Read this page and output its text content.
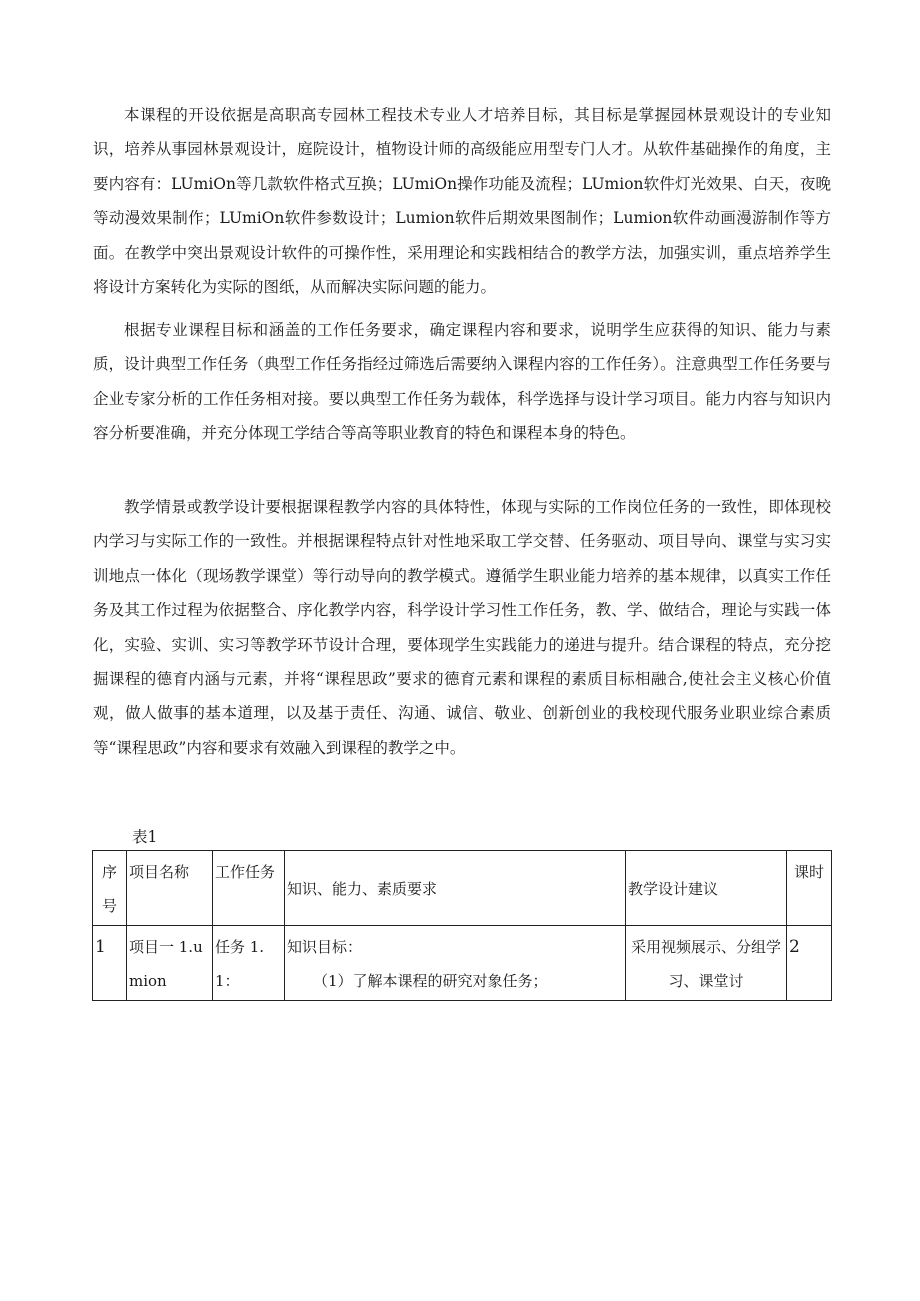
本课程的开设依据是高职高专园林工程技术专业人才培养目标，其目标是掌握园林景观设计的专业知识，培养从事园林景观设计，庭院设计，植物设计师的高级能应用型专门人才。从软件基础操作的角度，主要内容有：LUmiOn等几款软件格式互换；LUmiOn操作功能及流程；LUmion软件灯光效果、白天，夜晚等动漫效果制作；LUmiOn软件参数设计；Lumion软件后期效果图制作；Lumion软件动画漫游制作等方面。在教学中突出景观设计软件的可操作性，采用理论和实践相结合的教学方法，加强实训，重点培养学生将设计方案转化为实际的图纸，从而解决实际问题的能力。

根据专业课程目标和涵盖的工作任务要求，确定课程内容和要求，说明学生应获得的知识、能力与素质，设计典型工作任务（典型工作任务指经过筛选后需要纳入课程内容的工作任务）。注意典型工作任务要与企业专家分析的工作任务相对接。要以典型工作任务为载体，科学选择与设计学习项目。能力内容与知识内容分析要准确，并充分体现工学结合等高等职业教育的特色和课程本身的特色。

教学情景或教学设计要根据课程教学内容的具体特性，体现与实际的工作岗位任务的一致性，即体现校内学习与实际工作的一致性。并根据课程特点针对性地采取工学交替、任务驱动、项目导向、课堂与实习实训地点一体化（现场教学课堂）等行动导向的教学模式。遵循学生职业能力培养的基本规律，以真实工作任务及其工作过程为依据整合、序化教学内容，科学设计学习性工作任务，教、学、做结合，理论与实践一体化，实验、实训、实习等教学环节设计合理，要体现学生实践能力的递进与提升。结合课程的特点，充分挖掘课程的德育内涵与元素，并将“课程思政”要求的德育元素和课程的素质目标相融合,使社会主义核心价值观，做人做事的基本道理，以及基于责任、沟通、诚信、敬业、创新创业的我校现代服务业职业综合素质等“课程思政”内容和要求有效融入到课程的教学之中。

表1
序号	项目名称	工作任务	知识、能力、素质要求	教学设计建议	课时
1	项目一 1.umion	任务 1.1：	知识目标：

（1）了解本课程的研究对象任务；	采用视频展示、分组学习、课堂讨	2
